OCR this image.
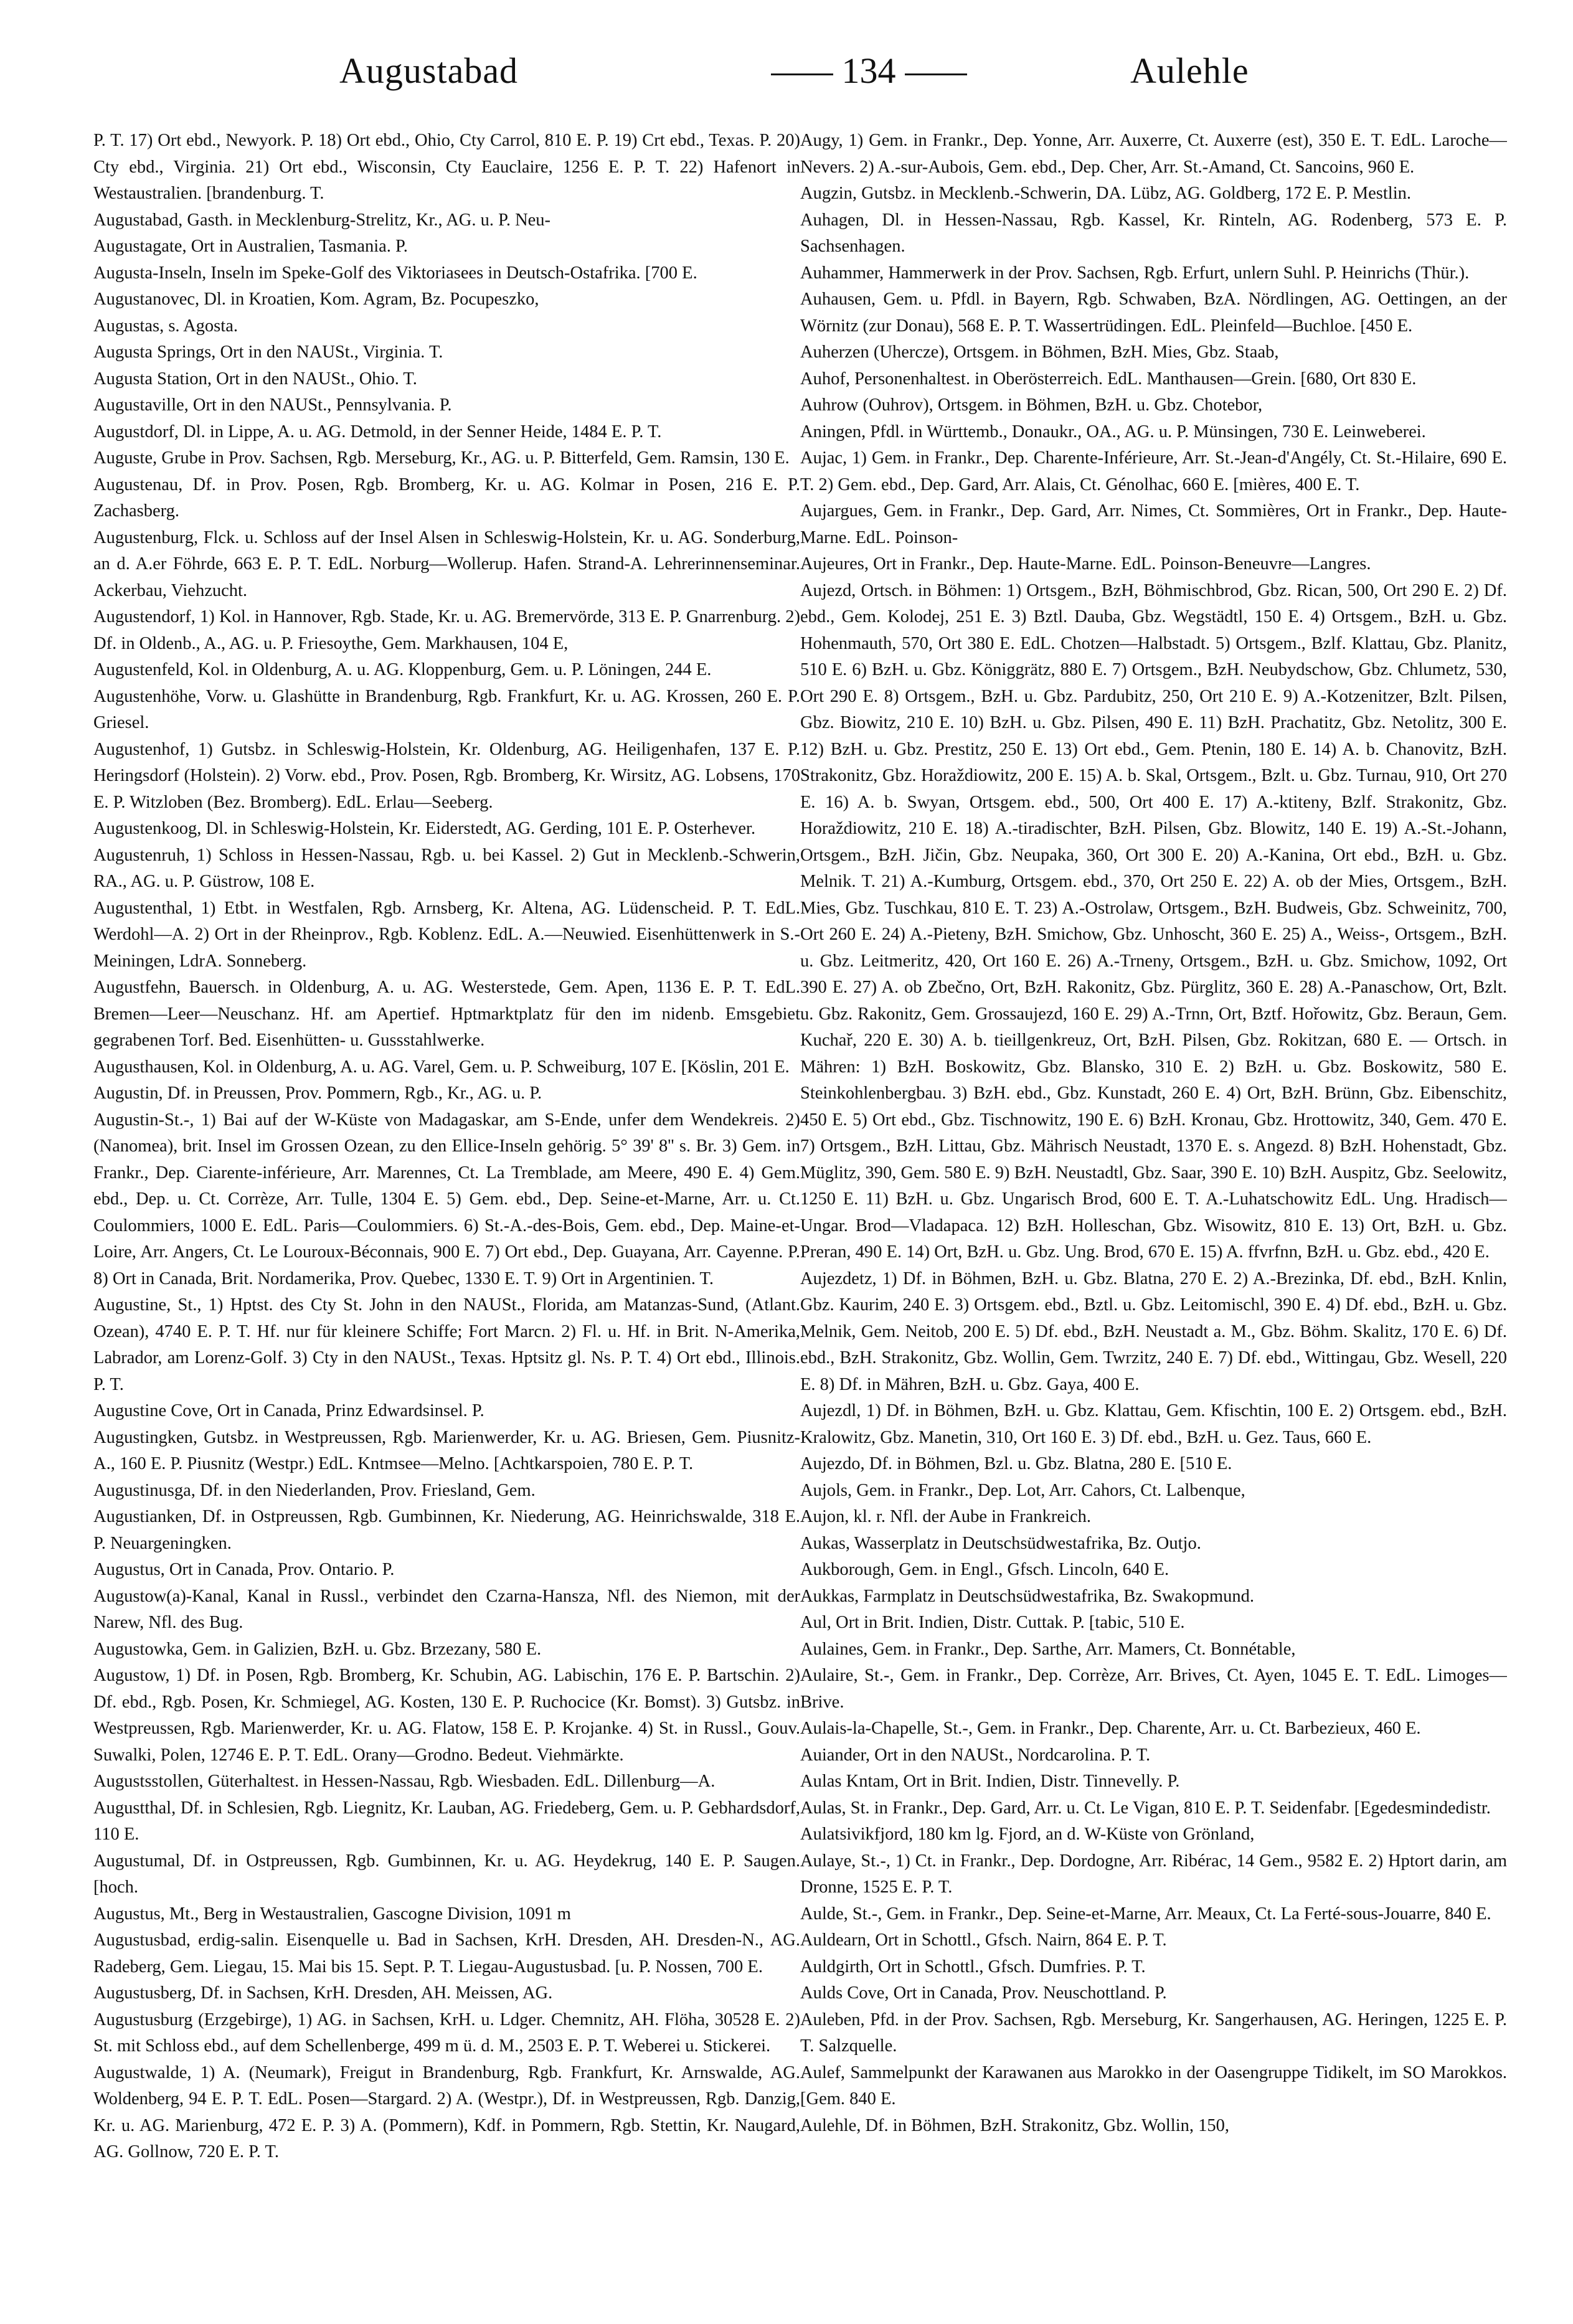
Augustabad	134	Aulehle

P. T. 17) Ort ebd., Newyork. P. 18) Ort ebd., Ohio, Cty Carrol, 810 E. P. 19) Crt ebd., Texas. P. 20) Cty ebd., Virginia. 21) Ort ebd., Wisconsin, Cty Eauclaire, 1256 E. P. T. 22) Hafenort in Westaustralien. [brandenburg. T.

Augustabad, Gasth. in Mecklenburg-Strelitz, Kr., AG. u. P. Neu-

Augustagate, Ort in Australien, Tasmania. P.

Augusta-Inseln, Inseln im Speke-Golf des Viktoriasees in Deutsch-Ostafrika. [700 E.

Augustanovec, Dl. in Kroatien, Kom. Agram, Bz. Pocupeszko,

Augustas, s. Agosta.

Augusta Springs, Ort in den NAUSt., Virginia. T.

Augusta Station, Ort in den NAUSt., Ohio. T.

Augustaville, Ort in den NAUSt., Pennsylvania. P.

Augustdorf, Dl. in Lippe, A. u. AG. Detmold, in der Senner Heide, 1484 E. P. T.

Auguste, Grube in Prov. Sachsen, Rgb. Merseburg, Kr., AG. u. P. Bitterfeld, Gem. Ramsin, 130 E.

Augustenau, Df. in Prov. Posen, Rgb. Bromberg, Kr. u. AG. Kolmar in Posen, 216 E. P. Zachasberg.

Augustenburg, Flck. u. Schloss auf der Insel Alsen in Schleswig-Holstein, Kr. u. AG. Sonderburg, an d. A.er Föhrde, 663 E. P. T. EdL. Norburg—Wollerup. Hafen. Strand-A. Lehrerinnenseminar. Ackerbau, Viehzucht.

Augustendorf, 1) Kol. in Hannover, Rgb. Stade, Kr. u. AG. Bremervörde, 313 E. P. Gnarrenburg. 2) Df. in Oldenb., A., AG. u. P. Friesoythe, Gem. Markhausen, 104 E,

Augustenfeld, Kol. in Oldenburg, A. u. AG. Kloppenburg, Gem. u. P. Löningen, 244 E.

Augustenhöhe, Vorw. u. Glashütte in Brandenburg, Rgb. Frankfurt, Kr. u. AG. Krossen, 260 E. P. Griesel.

Augustenhof, 1) Gutsbz. in Schleswig-Holstein, Kr. Oldenburg, AG. Heiligenhafen, 137 E. P. Heringsdorf (Holstein). 2) Vorw. ebd., Prov. Posen, Rgb. Bromberg, Kr. Wirsitz, AG. Lobsens, 170 E. P. Witzloben (Bez. Bromberg). EdL. Erlau—Seeberg.

Augustenkoog, Dl. in Schleswig-Holstein, Kr. Eiderstedt, AG. Gerding, 101 E. P. Osterhever.

Augustenruh, 1) Schloss in Hessen-Nassau, Rgb. u. bei Kassel. 2) Gut in Mecklenb.-Schwerin, RA., AG. u. P. Güstrow, 108 E.

Augustenthal, 1) Etbt. in Westfalen, Rgb. Arnsberg, Kr. Altena, AG. Lüdenscheid. P. T. EdL. Werdohl—A. 2) Ort in der Rheinprov., Rgb. Koblenz. EdL. A.—Neuwied. Eisenhüttenwerk in S.-Meiningen, LdrA. Sonneberg.

Augustfehn, Bauersch. in Oldenburg, A. u. AG. Westerstede, Gem. Apen, 1136 E. P. T. EdL. Bremen—Leer—Neuschanz. Hf. am Apertief. Hptmarktplatz für den im nidenb. Emsgebiet gegrabenen Torf. Bed. Eisenhütten- u. Gussstahlwerke.

Augusthausen, Kol. in Oldenburg, A. u. AG. Varel, Gem. u. P. Schweiburg, 107 E. [Köslin, 201 E.

Augustin, Df. in Preussen, Prov. Pommern, Rgb., Kr., AG. u. P.

Augustin-St.-, 1) Bai auf der W-Küste von Madagaskar, am S-Ende, unfer dem Wendekreis. 2) (Nanomea), brit. Insel im Grossen Ozean, zu den Ellice-Inseln gehörig. 5° 39' 8'' s. Br. 3) Gem. in Frankr., Dep. Ciarente-inférieure, Arr. Marennes, Ct. La Tremblade, am Meere, 490 E. 4) Gem. ebd., Dep. u. Ct. Corrèze, Arr. Tulle, 1304 E. 5) Gem. ebd., Dep. Seine-et-Marne, Arr. u. Ct. Coulommiers, 1000 E. EdL. Paris—Coulommiers. 6) St.-A.-des-Bois, Gem. ebd., Dep. Maine-et-Loire, Arr. Angers, Ct. Le Louroux-Béconnais, 900 E. 7) Ort ebd., Dep. Guayana, Arr. Cayenne. P. 8) Ort in Canada, Brit. Nordamerika, Prov. Quebec, 1330 E. T. 9) Ort in Argentinien. T.

Augustine, St., 1) Hptst. des Cty St. John in den NAUSt., Florida, am Matanzas-Sund, (Atlant. Ozean), 4740 E. P. T. Hf. nur für kleinere Schiffe; Fort Marcn. 2) Fl. u. Hf. in Brit. N-Amerika, Labrador, am Lorenz-Golf. 3) Cty in den NAUSt., Texas. Hptsitz gl. Ns. P. T. 4) Ort ebd., Illinois. P. T.

Augustine Cove, Ort in Canada, Prinz Edwardsinsel. P.

Augustingken, Gutsbz. in Westpreussen, Rgb. Marienwerder, Kr. u. AG. Briesen, Gem. Piusnitz-A., 160 E. P. Piusnitz (Westpr.) EdL. Kntmsee—Melno. [Achtkarspoien, 780 E. P. T.

Augustinusga, Df. in den Niederlanden, Prov. Friesland, Gem.

Augustianken, Df. in Ostpreussen, Rgb. Gumbinnen, Kr. Niederung, AG. Heinrichswalde, 318 E. P. Neuargeningken.

Augustus, Ort in Canada, Prov. Ontario. P.

Augustow(a)-Kanal, Kanal in Russl., verbindet den Czarna-Hansza, Nfl. des Niemon, mit der Narew, Nfl. des Bug.

Augustowka, Gem. in Galizien, BzH. u. Gbz. Brzezany, 580 E.

Augustow, 1) Df. in Posen, Rgb. Bromberg, Kr. Schubin, AG. Labischin, 176 E. P. Bartschin. 2) Df. ebd., Rgb. Posen, Kr. Schmiegel, AG. Kosten, 130 E. P. Ruchocice (Kr. Bomst). 3) Gutsbz. in Westpreussen, Rgb. Marienwerder, Kr. u. AG. Flatow, 158 E. P. Krojanke. 4) St. in Russl., Gouv. Suwalki, Polen, 12746 E. P. T. EdL. Orany—Grodno. Bedeut. Viehmärkte.

Augustsstollen, Güterhaltest. in Hessen-Nassau, Rgb. Wiesbaden. EdL. Dillenburg—A.

Augustthal, Df. in Schlesien, Rgb. Liegnitz, Kr. Lauban, AG. Friedeberg, Gem. u. P. Gebhardsdorf, 110 E.

Augustumal, Df. in Ostpreussen, Rgb. Gumbinnen, Kr. u. AG. Heydekrug, 140 E. P. Saugen. [hoch.

Augustus, Mt., Berg in Westaustralien, Gascogne Division, 1091 m

Augustusbad, erdig-salin. Eisenquelle u. Bad in Sachsen, KrH. Dresden, AH. Dresden-N., AG. Radeberg, Gem. Liegau, 15. Mai bis 15. Sept. P. T. Liegau-Augustusbad. [u. P. Nossen, 700 E.

Augustusberg, Df. in Sachsen, KrH. Dresden, AH. Meissen, AG.

Augustusburg (Erzgebirge), 1) AG. in Sachsen, KrH. u. Ldger. Chemnitz, AH. Flöha, 30528 E. 2) St. mit Schloss ebd., auf dem Schellenberge, 499 m ü. d. M., 2503 E. P. T. Weberei u. Stickerei.

Augustwalde, 1) A. (Neumark), Freigut in Brandenburg, Rgb. Frankfurt, Kr. Arnswalde, AG. Woldenberg, 94 E. P. T. EdL. Posen—Stargard. 2) A. (Westpr.), Df. in Westpreussen, Rgb. Danzig, Kr. u. AG. Marienburg, 472 E. P. 3) A. (Pommern), Kdf. in Pommern, Rgb. Stettin, Kr. Naugard, AG. Gollnow, 720 E. P. T.

Augy, 1) Gem. in Frankr., Dep. Yonne, Arr. Auxerre, Ct. Auxerre (est), 350 E. T. EdL. Laroche—Nevers. 2) A.-sur-Aubois, Gem. ebd., Dep. Cher, Arr. St.-Amand, Ct. Sancoins, 960 E.

Augzin, Gutsbz. in Mecklenb.-Schwerin, DA. Lübz, AG. Goldberg, 172 E. P. Mestlin.

Auhagen, Dl. in Hessen-Nassau, Rgb. Kassel, Kr. Rinteln, AG. Rodenberg, 573 E. P. Sachsenhagen.

Auhammer, Hammerwerk in der Prov. Sachsen, Rgb. Erfurt, unlern Suhl. P. Heinrichs (Thür.).

Auhausen, Gem. u. Pfdl. in Bayern, Rgb. Schwaben, BzA. Nördlingen, AG. Oettingen, an der Wörnitz (zur Donau), 568 E. P. T. Wassertrüdingen. EdL. Pleinfeld—Buchloe. [450 E.

Auherzen (Uhercze), Ortsgem. in Böhmen, BzH. Mies, Gbz. Staab,

Auhof, Personenhaltest. in Oberösterreich. EdL. Manthausen—Grein. [680, Ort 830 E.

Auhrow (Ouhrov), Ortsgem. in Böhmen, BzH. u. Gbz. Chotebor,

Aningen, Pfdl. in Württemb., Donaukr., OA., AG. u. P. Münsingen, 730 E. Leinweberei.

Aujac, 1) Gem. in Frankr., Dep. Charente-Inférieure, Arr. St.-Jean-d'Angély, Ct. St.-Hilaire, 690 E. T. 2) Gem. ebd., Dep. Gard, Arr. Alais, Ct. Génolhac, 660 E. [mières, 400 E. T.

Aujargues, Gem. in Frankr., Dep. Gard, Arr. Nimes, Ct. Sommières, Ort in Frankr., Dep. Haute-Marne. EdL. Poinson-

Aujeures, Ort in Frankr., Dep. Haute-Marne. EdL. Poinson-Beneuvre—Langres.

Aujezd, Ortsch. in Böhmen: 1) Ortsgem., BzH, Böhmischbrod, Gbz. Rican, 500, Ort 290 E. 2) Df. ebd., Gem. Kolodej, 251 E. 3) Bztl. Dauba, Gbz. Wegstädtl, 150 E. 4) Ortsgem., BzH. u. Gbz. Hohenmauth, 570, Ort 380 E. EdL. Chotzen—Halbstadt. 5) Ortsgem., Bzlf. Klattau, Gbz. Planitz, 510 E. 6) BzH. u. Gbz. Königgrätz, 880 E. 7) Ortsgem., BzH. Neubydschow, Gbz. Chlumetz, 530, Ort 290 E. 8) Ortsgem., BzH. u. Gbz. Pardubitz, 250, Ort 210 E. 9) A.-Kotzenitzer, Bzlt. Pilsen, Gbz. Biowitz, 210 E. 10) BzH. u. Gbz. Pilsen, 490 E. 11) BzH. Prachatitz, Gbz. Netolitz, 300 E. 12) BzH. u. Gbz. Prestitz, 250 E. 13) Ort ebd., Gem. Ptenin, 180 E. 14) A. b. Chanovitz, BzH. Strakonitz, Gbz. Horaždiowitz, 200 E. 15) A. b. Skal, Ortsgem., Bzlt. u. Gbz. Turnau, 910, Ort 270 E. 16) A. b. Swyan, Ortsgem. ebd., 500, Ort 400 E. 17) A.-ktiteny, Bzlf. Strakonitz, Gbz. Horaždiowitz, 210 E. 18) A.-tiradischter, BzH. Pilsen, Gbz. Blowitz, 140 E. 19) A.-St.-Johann, Ortsgem., BzH. Jičin, Gbz. Neupaka, 360, Ort 300 E. 20) A.-Kanina, Ort ebd., BzH. u. Gbz. Melnik. T. 21) A.-Kumburg, Ortsgem. ebd., 370, Ort 250 E. 22) A. ob der Mies, Ortsgem., BzH. Mies, Gbz. Tuschkau, 810 E. T. 23) A.-Ostrolaw, Ortsgem., BzH. Budweis, Gbz. Schweinitz, 700, Ort 260 E. 24) A.-Pieteny, BzH. Smichow, Gbz. Unhoscht, 360 E. 25) A., Weiss-, Ortsgem., BzH. u. Gbz. Leitmeritz, 420, Ort 160 E. 26) A.-Trneny, Ortsgem., BzH. u. Gbz. Smichow, 1092, Ort 390 E. 27) A. ob Zbečno, Ort, BzH. Rakonitz, Gbz. Pürglitz, 360 E. 28) A.-Panaschow, Ort, Bzlt. u. Gbz. Rakonitz, Gem. Grossaujezd, 160 E. 29) A.-Trnn, Ort, Bztf. Hořowitz, Gbz. Beraun, Gem. Kuchař, 220 E. 30) A. b. tieillgenkreuz, Ort, BzH. Pilsen, Gbz. Rokitzan, 680 E. — Ortsch. in Mähren: 1) BzH. Boskowitz, Gbz. Blansko, 310 E. 2) BzH. u. Gbz. Boskowitz, 580 E. Steinkohlenbergbau. 3) BzH. ebd., Gbz. Kunstadt, 260 E. 4) Ort, BzH. Brünn, Gbz. Eibenschitz, 450 E. 5) Ort ebd., Gbz. Tischnowitz, 190 E. 6) BzH. Kronau, Gbz. Hrottowitz, 340, Gem. 470 E. 7) Ortsgem., BzH. Littau, Gbz. Mährisch Neustadt, 1370 E. s. Angezd. 8) BzH. Hohenstadt, Gbz. Müglitz, 390, Gem. 580 E. 9) BzH. Neustadtl, Gbz. Saar, 390 E. 10) BzH. Auspitz, Gbz. Seelowitz, 1250 E. 11) BzH. u. Gbz. Ungarisch Brod, 600 E. T. A.-Luhatschowitz EdL. Ung. Hradisch—Ungar. Brod—Vladapaca. 12) BzH. Holleschan, Gbz. Wisowitz, 810 E. 13) Ort, BzH. u. Gbz. Preran, 490 E. 14) Ort, BzH. u. Gbz. Ung. Brod, 670 E. 15) A. ffvrfnn, BzH. u. Gbz. ebd., 420 E.

Aujezdetz, 1) Df. in Böhmen, BzH. u. Gbz. Blatna, 270 E. 2) A.-Brezinka, Df. ebd., BzH. Knlin, Gbz. Kaurim, 240 E. 3) Ortsgem. ebd., Bztl. u. Gbz. Leitomischl, 390 E. 4) Df. ebd., BzH. u. Gbz. Melnik, Gem. Neitob, 200 E. 5) Df. ebd., BzH. Neustadt a. M., Gbz. Böhm. Skalitz, 170 E. 6) Df. ebd., BzH. Strakonitz, Gbz. Wollin, Gem. Twrzitz, 240 E. 7) Df. ebd., Wittingau, Gbz. Wesell, 220 E. 8) Df. in Mähren, BzH. u. Gbz. Gaya, 400 E.

Aujezdl, 1) Df. in Böhmen, BzH. u. Gbz. Klattau, Gem. Kfischtin, 100 E. 2) Ortsgem. ebd., BzH. Kralowitz, Gbz. Manetin, 310, Ort 160 E. 3) Df. ebd., BzH. u. Gez. Taus, 660 E.

Aujezdo, Df. in Böhmen, Bzl. u. Gbz. Blatna, 280 E. [510 E.

Aujols, Gem. in Frankr., Dep. Lot, Arr. Cahors, Ct. Lalbenque,

Aujon, kl. r. Nfl. der Aube in Frankreich.

Aukas, Wasserplatz in Deutschsüdwestafrika, Bz. Outjo.

Aukborough, Gem. in Engl., Gfsch. Lincoln, 640 E.

Aukkas, Farmplatz in Deutschsüdwestafrika, Bz. Swakopmund.

Aul, Ort in Brit. Indien, Distr. Cuttak. P. [tabic, 510 E.

Aulaines, Gem. in Frankr., Dep. Sarthe, Arr. Mamers, Ct. Bonnétable,

Aulaire, St.-, Gem. in Frankr., Dep. Corrèze, Arr. Brives, Ct. Ayen, 1045 E. T. EdL. Limoges—Brive.

Aulais-la-Chapelle, St.-, Gem. in Frankr., Dep. Charente, Arr. u. Ct. Barbezieux, 460 E.

Auiander, Ort in den NAUSt., Nordcarolina. P. T.

Aulas Kntam, Ort in Brit. Indien, Distr. Tinnevelly. P.

Aulas, St. in Frankr., Dep. Gard, Arr. u. Ct. Le Vigan, 810 E. P. T. Seidenfabr. [Egedesmindedistr.

Aulatsivikfjord, 180 km lg. Fjord, an d. W-Küste von Grönland,

Aulaye, St.-, 1) Ct. in Frankr., Dep. Dordogne, Arr. Ribérac, 14 Gem., 9582 E. 2) Hptort darin, am Dronne, 1525 E. P. T.

Aulde, St.-, Gem. in Frankr., Dep. Seine-et-Marne, Arr. Meaux, Ct. La Ferté-sous-Jouarre, 840 E.

Auldearn, Ort in Schottl., Gfsch. Nairn, 864 E. P. T.

Auldgirth, Ort in Schottl., Gfsch. Dumfries. P. T.

Aulds Cove, Ort in Canada, Prov. Neuschottland. P.

Auleben, Pfd. in der Prov. Sachsen, Rgb. Merseburg, Kr. Sangerhausen, AG. Heringen, 1225 E. P. T. Salzquelle.

Aulef, Sammelpunkt der Karawanen aus Marokko in der Oasengruppe Tidikelt, im SO Marokkos. [Gem. 840 E.

Aulehle, Df. in Böhmen, BzH. Strakonitz, Gbz. Wollin, 150,
